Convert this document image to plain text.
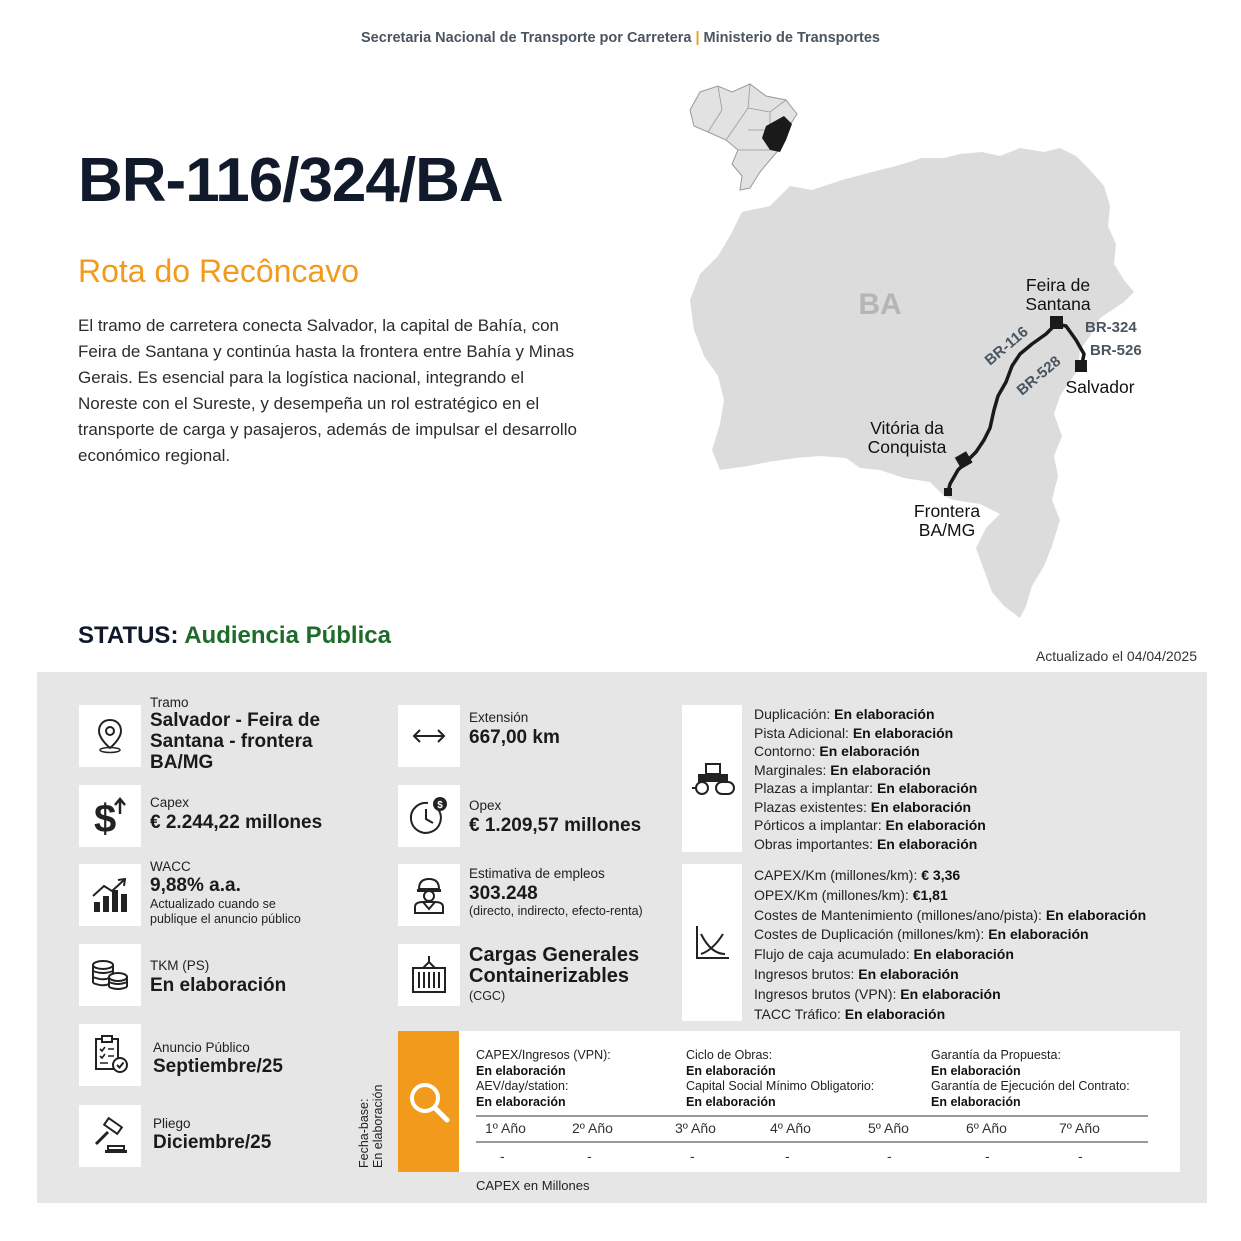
Secretaria Nacional de Transporte por Carretera | Ministerio de Transportes
BR-116/324/BA
Rota do Recôncavo
El tramo de carretera conecta Salvador, la capital de Bahía, con Feira de Santana y continúa hasta la frontera entre Bahía y Minas Gerais. Es esencial para la logística nacional, integrando el Noreste con el Sureste, y desempeña un rol estratégico en el transporte de carga y pasajeros, además de impulsar el desarrollo económico regional.
BA
BR-116
BR-528
Feira de
Santana
Salvador
Vitória da
Conquista
Frontera
BA/MG
BR-324
BR-526
STATUS: Audiencia Pública
Actualizado el 04/04/2025
Tramo
Salvador - Feira de
Santana - frontera
BA/MG
$	Capex
€ 2.244,22 millones
WACC
9,88% a.a.
Actualizado cuando se
publique el anuncio público
TKM (PS)
En elaboración
Anuncio Público
Septiembre/25
Pliego
Diciembre/25
Extensión
667,00 km
$ Opex
€ 1.209,57 millones
Estimativa de empleos
303.248
(directo, indirecto, efecto-renta)
Cargas Generales
Containerizables
(CGC)
Duplicación: En elaboración
Pista Adicional: En elaboración
Contorno: En elaboración
Marginales: En elaboración
Plazas a implantar: En elaboración
Plazas existentes: En elaboración
Pórticos a implantar: En elaboración
Obras importantes: En elaboración
CAPEX/Km (millones/km): € 3,36
OPEX/Km (millones/km): €1,81
Costes de Mantenimiento (millones/ano/pista): En elaboración
Costes de Duplicación (millones/km): En elaboración
Flujo de caja acumulado: En elaboración
Ingresos brutos: En elaboración
Ingresos brutos (VPN): En elaboración
TACC Tráfico: En elaboración
Fecha-base: En elaboración
CAPEX/Ingresos (VPN):
En elaboración
AEV/day/station:
En elaboración
Ciclo de Obras:
En elaboración
Capital Social Mínimo Obligatorio:
En elaboración
Garantía da Propuesta:
En elaboración
Garantía de Ejecución del Contrato:
En elaboración
1º Año	2º Año	3º Año	4º Año	5º Año	6º Año	7º Año
-	-	-	-	-	-	-
CAPEX en Millones
